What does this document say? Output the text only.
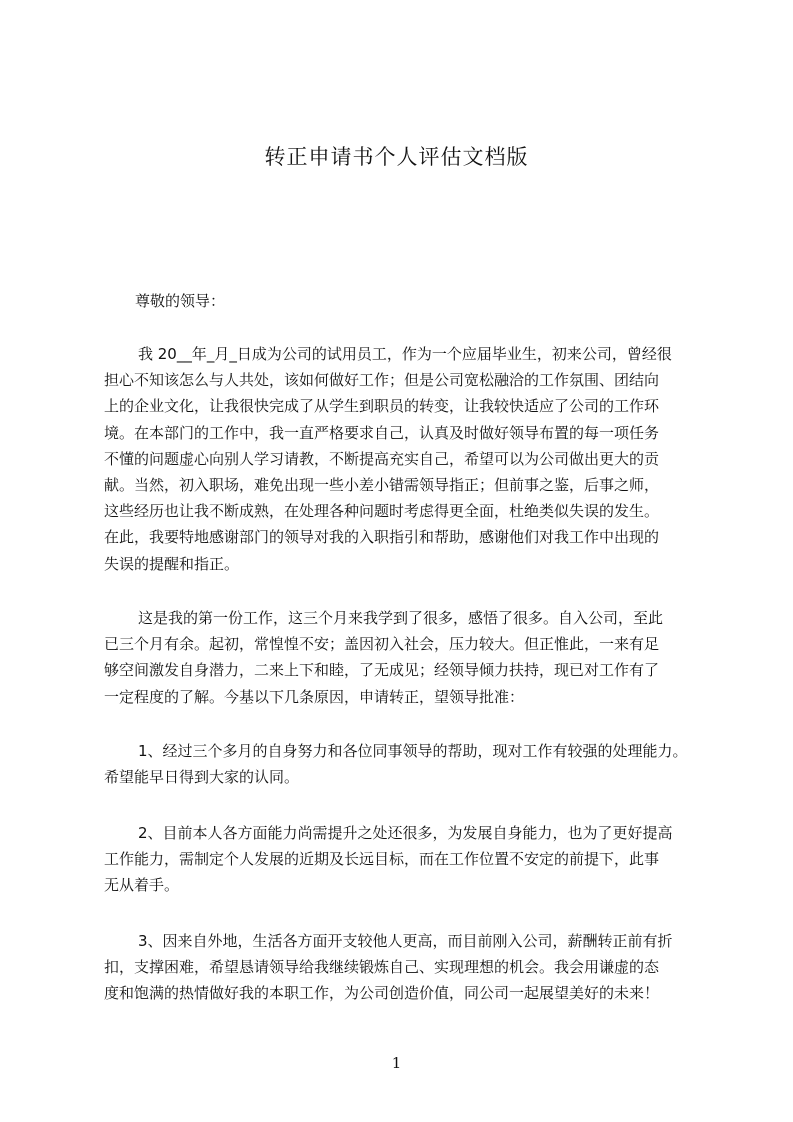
转正申请书个人评估文档版
尊敬的领导：
我 20__年_月_日成为公司的试用员工，作为一个应届毕业生，初来公司，曾经很
担心不知该怎么与人共处，该如何做好工作；但是公司宽松融洽的工作氛围、团结向
上的企业文化，让我很快完成了从学生到职员的转变，让我较快适应了公司的工作环
境。在本部门的工作中，我一直严格要求自己，认真及时做好领导布置的每一项任务
不懂的问题虚心向别人学习请教，不断提高充实自己，希望可以为公司做出更大的贡
献。当然，初入职场，难免出现一些小差小错需领导指正；但前事之鉴，后事之师，
这些经历也让我不断成熟，在处理各种问题时考虑得更全面，杜绝类似失误的发生。
在此，我要特地感谢部门的领导对我的入职指引和帮助，感谢他们对我工作中出现的
失误的提醒和指正。
这是我的第一份工作，这三个月来我学到了很多，感悟了很多。自入公司，至此
已三个月有余。起初，常惶惶不安；盖因初入社会，压力较大。但正惟此，一来有足
够空间激发自身潜力，二来上下和睦，了无成见；经领导倾力扶持，现已对工作有了
一定程度的了解。今基以下几条原因，申请转正，望领导批准：
1、经过三个多月的自身努力和各位同事领导的帮助，现对工作有较强的处理能力。
希望能早日得到大家的认同。
2、目前本人各方面能力尚需提升之处还很多，为发展自身能力，也为了更好提高
工作能力，需制定个人发展的近期及长远目标，而在工作位置不安定的前提下，此事
无从着手。
3、因来自外地，生活各方面开支较他人更高，而目前刚入公司，薪酬转正前有折
扣，支撑困难，希望恳请领导给我继续锻炼自己、实现理想的机会。我会用谦虚的态
度和饱满的热情做好我的本职工作，为公司创造价值，同公司一起展望美好的未来！
1
